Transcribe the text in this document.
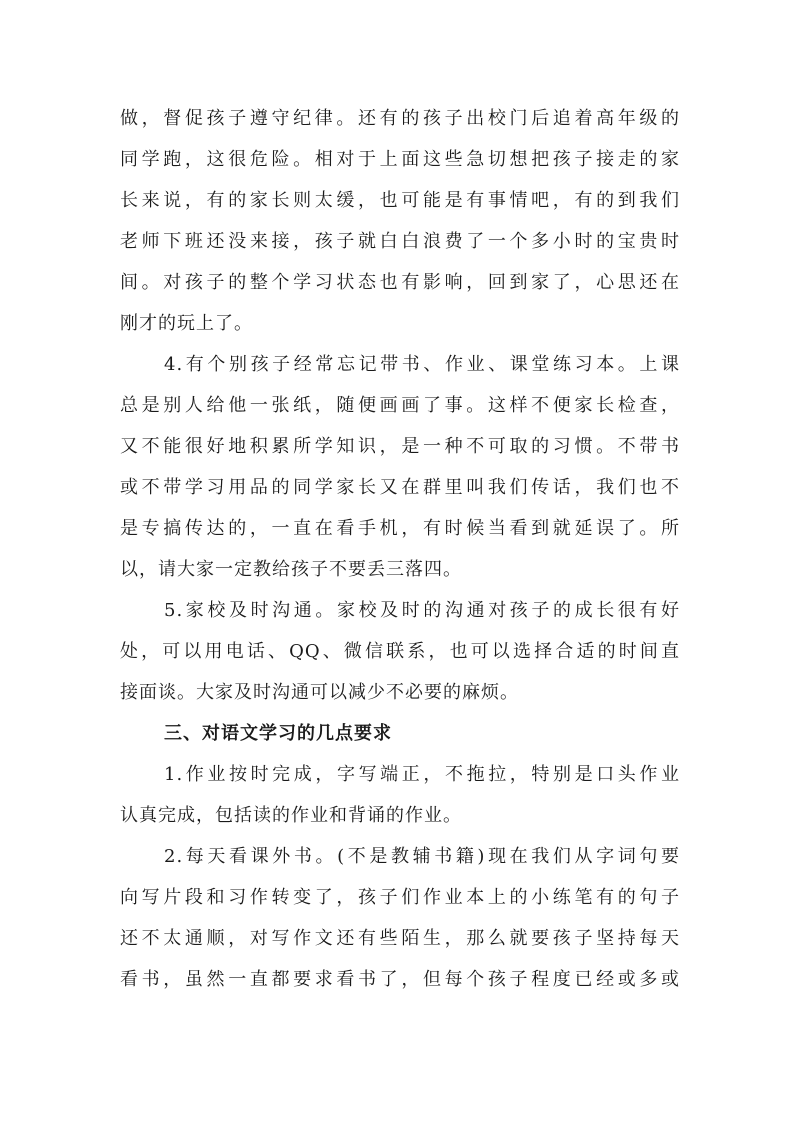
做，督促孩子遵守纪律。还有的孩子出校门后追着高年级的
同学跑，这很危险。相对于上面这些急切想把孩子接走的家
长来说，有的家长则太缓，也可能是有事情吧，有的到我们
老师下班还没来接，孩子就白白浪费了一个多小时的宝贵时
间。对孩子的整个学习状态也有影响，回到家了，心思还在
刚才的玩上了。
4.有个别孩子经常忘记带书、作业、课堂练习本。上课
总是别人给他一张纸，随便画画了事。这样不便家长检查，
又不能很好地积累所学知识，是一种不可取的习惯。不带书
或不带学习用品的同学家长又在群里叫我们传话，我们也不
是专搞传达的，一直在看手机，有时候当看到就延误了。所
以，请大家一定教给孩子不要丢三落四。
5.家校及时沟通。家校及时的沟通对孩子的成长很有好
处，可以用电话、QQ、微信联系，也可以选择合适的时间直
接面谈。大家及时沟通可以减少不必要的麻烦。
三、对语文学习的几点要求
1.作业按时完成，字写端正，不拖拉，特别是口头作业
认真完成，包括读的作业和背诵的作业。
2.每天看课外书。(不是教辅书籍)现在我们从字词句要
向写片段和习作转变了，孩子们作业本上的小练笔有的句子
还不太通顺，对写作文还有些陌生，那么就要孩子坚持每天
看书，虽然一直都要求看书了，但每个孩子程度已经或多或
